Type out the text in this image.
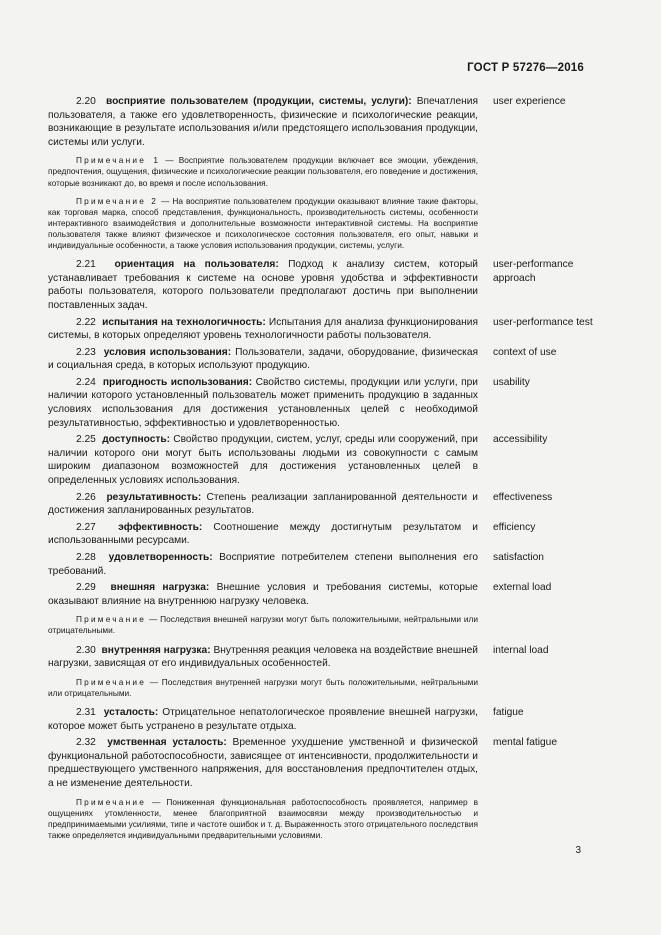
ГОСТ Р 57276—2016
2.20 восприятие пользователем (продукции, системы, услуги): Впечатления пользователя, а также его удовлетворенность, физические и психологические реакции, возникающие в результате использования и/или предстоящего использования продукции, системы или услуги.
user experience
Примечание 1 — Восприятие пользователем продукции включает все эмоции, убеждения, предпочтения, ощущения, физические и психологические реакции пользователя, его поведение и достижения, которые возникают до, во время и после использования.
Примечание 2 — На восприятие пользователем продукции оказывают влияние такие факторы, как торговая марка, способ представления, функциональность, производительность системы, особенности интерактивного взаимодействия и дополнительные возможности интерактивной системы. На восприятие пользователя также влияют физическое и психологическое состояния пользователя, его опыт, навыки и индивидуальные особенности, а также условия использования продукции, системы, услуги.
2.21 ориентация на пользователя: Подход к анализу систем, который устанавливает требования к системе на основе уровня удобства и эффективности работы пользователя, которого пользователи предполагают достичь при выполнении поставленных задач.
user-performance approach
2.22 испытания на технологичность: Испытания для анализа функционирования системы, в которых определяют уровень технологичности работы пользователя.
user-performance test
2.23 условия использования: Пользователи, задачи, оборудование, физическая и социальная среда, в которых используют продукцию.
context of use
2.24 пригодность использования: Свойство системы, продукции или услуги, при наличии которого установленный пользователь может применить продукцию в заданных условиях использования для достижения установленных целей с необходимой результативностью, эффективностью и удовлетворенностью.
usability
2.25 доступность: Свойство продукции, систем, услуг, среды или сооружений, при наличии которого они могут быть использованы людьми из совокупности с самым широким диапазоном возможностей для достижения установленных целей в определенных условиях использования.
accessibility
2.26 результативность: Степень реализации запланированной деятельности и достижения запланированных результатов.
effectiveness
2.27 эффективность: Соотношение между достигнутым результатом и использованными ресурсами.
efficiency
2.28 удовлетворенность: Восприятие потребителем степени выполнения его требований.
satisfaction
2.29 внешняя нагрузка: Внешние условия и требования системы, которые оказывают влияние на внутреннюю нагрузку человека.
external load
Примечание — Последствия внешней нагрузки могут быть положительными, нейтральными или отрицательными.
2.30 внутренняя нагрузка: Внутренняя реакция человека на воздействие внешней нагрузки, зависящая от его индивидуальных особенностей.
internal load
Примечание — Последствия внутренней нагрузки могут быть положительными, нейтральными или отрицательными.
2.31 усталость: Отрицательное непатологическое проявление внешней нагрузки, которое может быть устранено в результате отдыха.
fatigue
2.32 умственная усталость: Временное ухудшение умственной и физической функциональной работоспособности, зависящее от интенсивности, продолжительности и предшествующего умственного напряжения, для восстановления предпочтителен отдых, а не изменение деятельности.
mental fatigue
Примечание — Пониженная функциональная работоспособность проявляется, например в ощущениях утомленности, менее благоприятной взаимосвязи между производительностью и предпринимаемыми усилиями, типе и частоте ошибок и т. д. Выраженность этого отрицательного последствия также определяется индивидуальными предварительными условиями.
3
